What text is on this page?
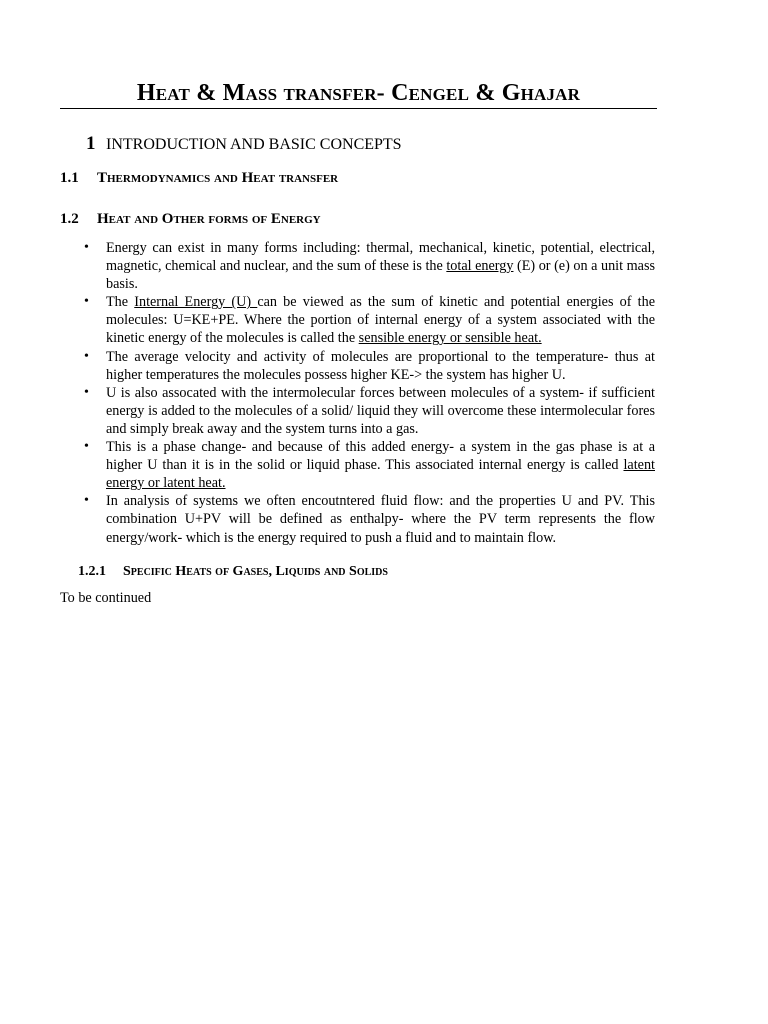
Heat & Mass transfer- Cengel & Ghajar
1 INTRODUCTION AND BASIC CONCEPTS
1.1 Thermodynamics and Heat transfer
1.2 Heat and Other forms of Energy
• Energy can exist in many forms including: thermal, mechanical, kinetic, potential, electrical, magnetic, chemical and nuclear, and the sum of these is the total energy (E) or (e) on a unit mass basis.
• The Internal Energy (U) can be viewed as the sum of kinetic and potential energies of the molecules: U=KE+PE. Where the portion of internal energy of a system associated with the kinetic energy of the molecules is called the sensible energy or sensible heat.
• The average velocity and activity of molecules are proportional to the temperature- thus at higher temperatures the molecules possess higher KE-> the system has higher U.
• U is also assocated with the intermolecular forces between molecules of a system- if sufficient energy is added to the molecules of a solid/ liquid they will overcome these intermolecular fores and simply break away and the system turns into a gas.
• This is a phase change- and because of this added energy- a system in the gas phase is at a higher U than it is in the solid or liquid phase. This associated internal energy is called latent energy or latent heat.
• In analysis of systems we often encoutntered fluid flow: and the properties U and PV. This combination U+PV will be defined as enthalpy- where the PV term represents the flow energy/work- which is the energy required to push a fluid and to maintain flow.
1.2.1 Specific Heats of Gases, Liquids and Solids
To be continued
